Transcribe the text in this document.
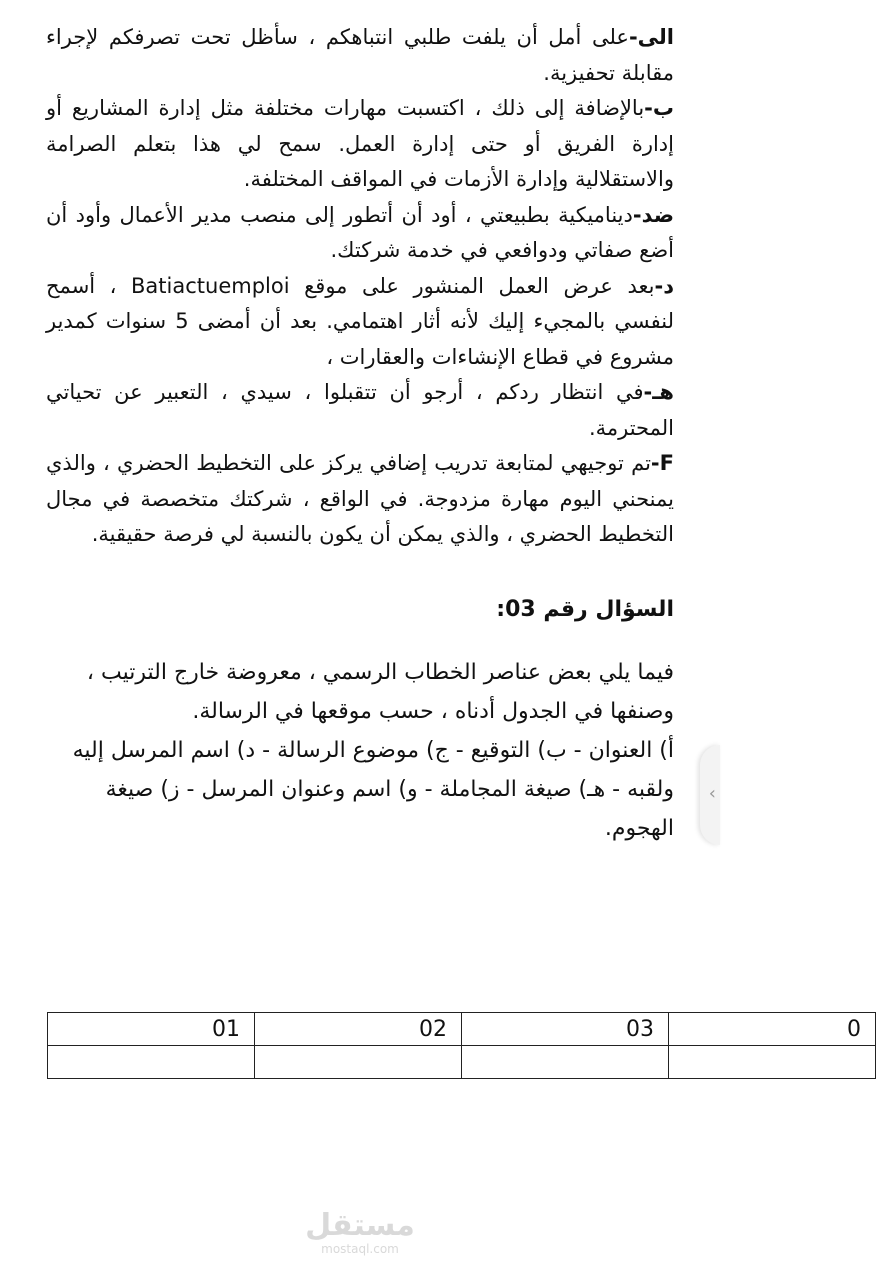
الى-على أمل أن يلفت طلبي انتباهكم ، سأظل تحت تصرفكم لإجراء مقابلة تحفيزية.

ب-بالإضافة إلى ذلك ، اكتسبت مهارات مختلفة مثل إدارة المشاريع أو إدارة الفريق أو حتى إدارة العمل. سمح لي هذا بتعلم الصرامة والاستقلالية وإدارة الأزمات في المواقف المختلفة.

ضد-ديناميكية بطبيعتي ، أود أن أتطور إلى منصب مدير الأعمال وأود أن أضع صفاتي ودوافعي في خدمة شركتك.

د-بعد عرض العمل المنشور على موقع Batiactuemploi ، أسمح لنفسي بالمجيء إليك لأنه أثار اهتمامي. بعد أن أمضى 5 سنوات كمدير مشروع في قطاع الإنشاءات والعقارات ،

هـ-في انتظار ردكم ، أرجو أن تتقبلوا ، سيدي ، التعبير عن تحياتي المحترمة.

F-تم توجيهي لمتابعة تدريب إضافي يركز على التخطيط الحضري ، والذي يمنحني اليوم مهارة مزدوجة. في الواقع ، شركتك متخصصة في مجال التخطيط الحضري ، والذي يمكن أن يكون بالنسبة لي فرصة حقيقية.

السؤال رقم 03:

فيما يلي بعض عناصر الخطاب الرسمي ، معروضة خارج الترتيب ، وصنفها في الجدول أدناه ، حسب موقعها في الرسالة.

أ) العنوان - ب) التوقيع - ج) موضوع الرسالة - د) اسم المرسل إليه ولقبه - هـ) صيغة المجاملة - و) اسم وعنوان المرسل - ز) صيغة الهجوم.

01	02	03	0

‹
مستقل
mostaql.com
